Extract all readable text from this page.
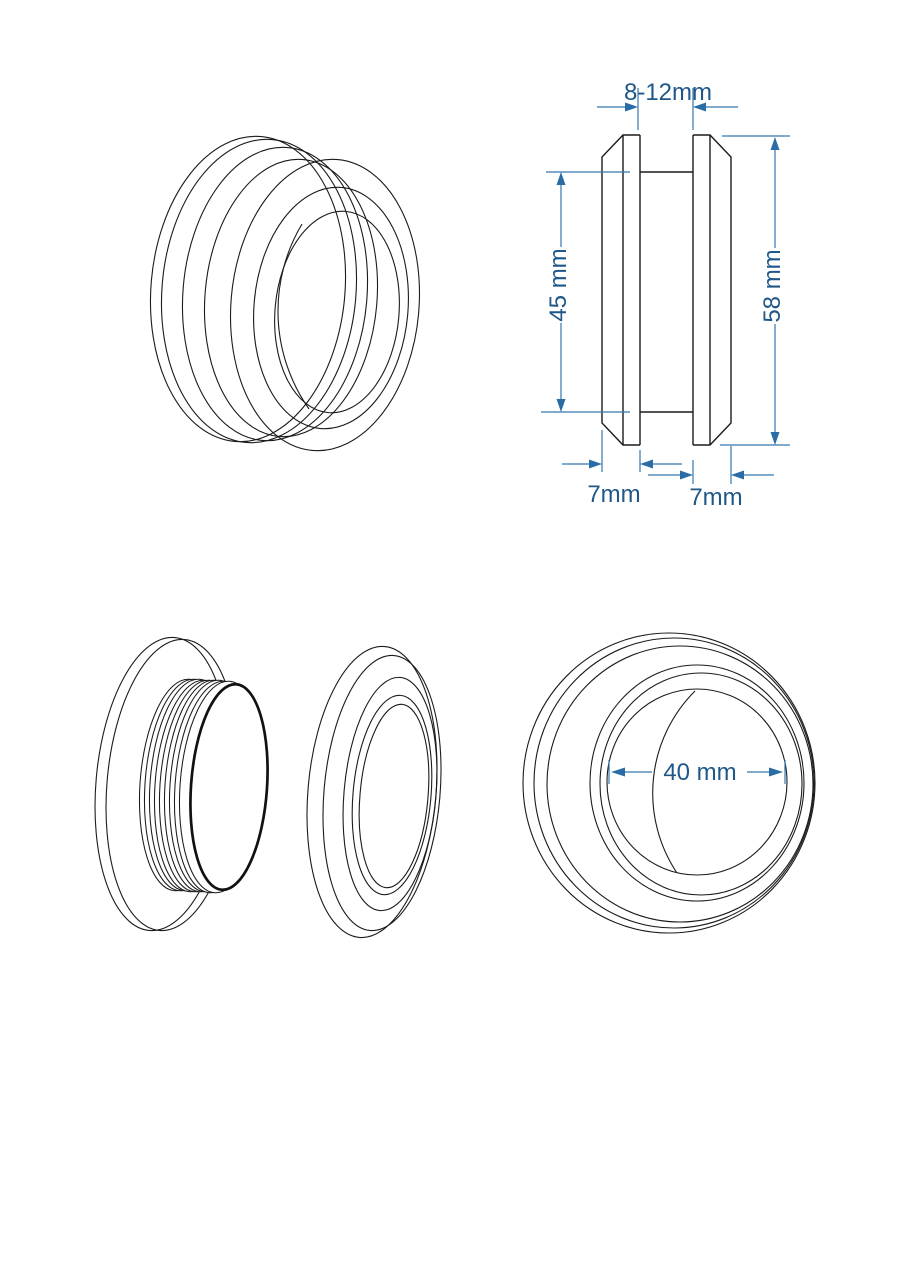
8-12mm
45 mm	58 mm
7mm 7mm
40 mm
